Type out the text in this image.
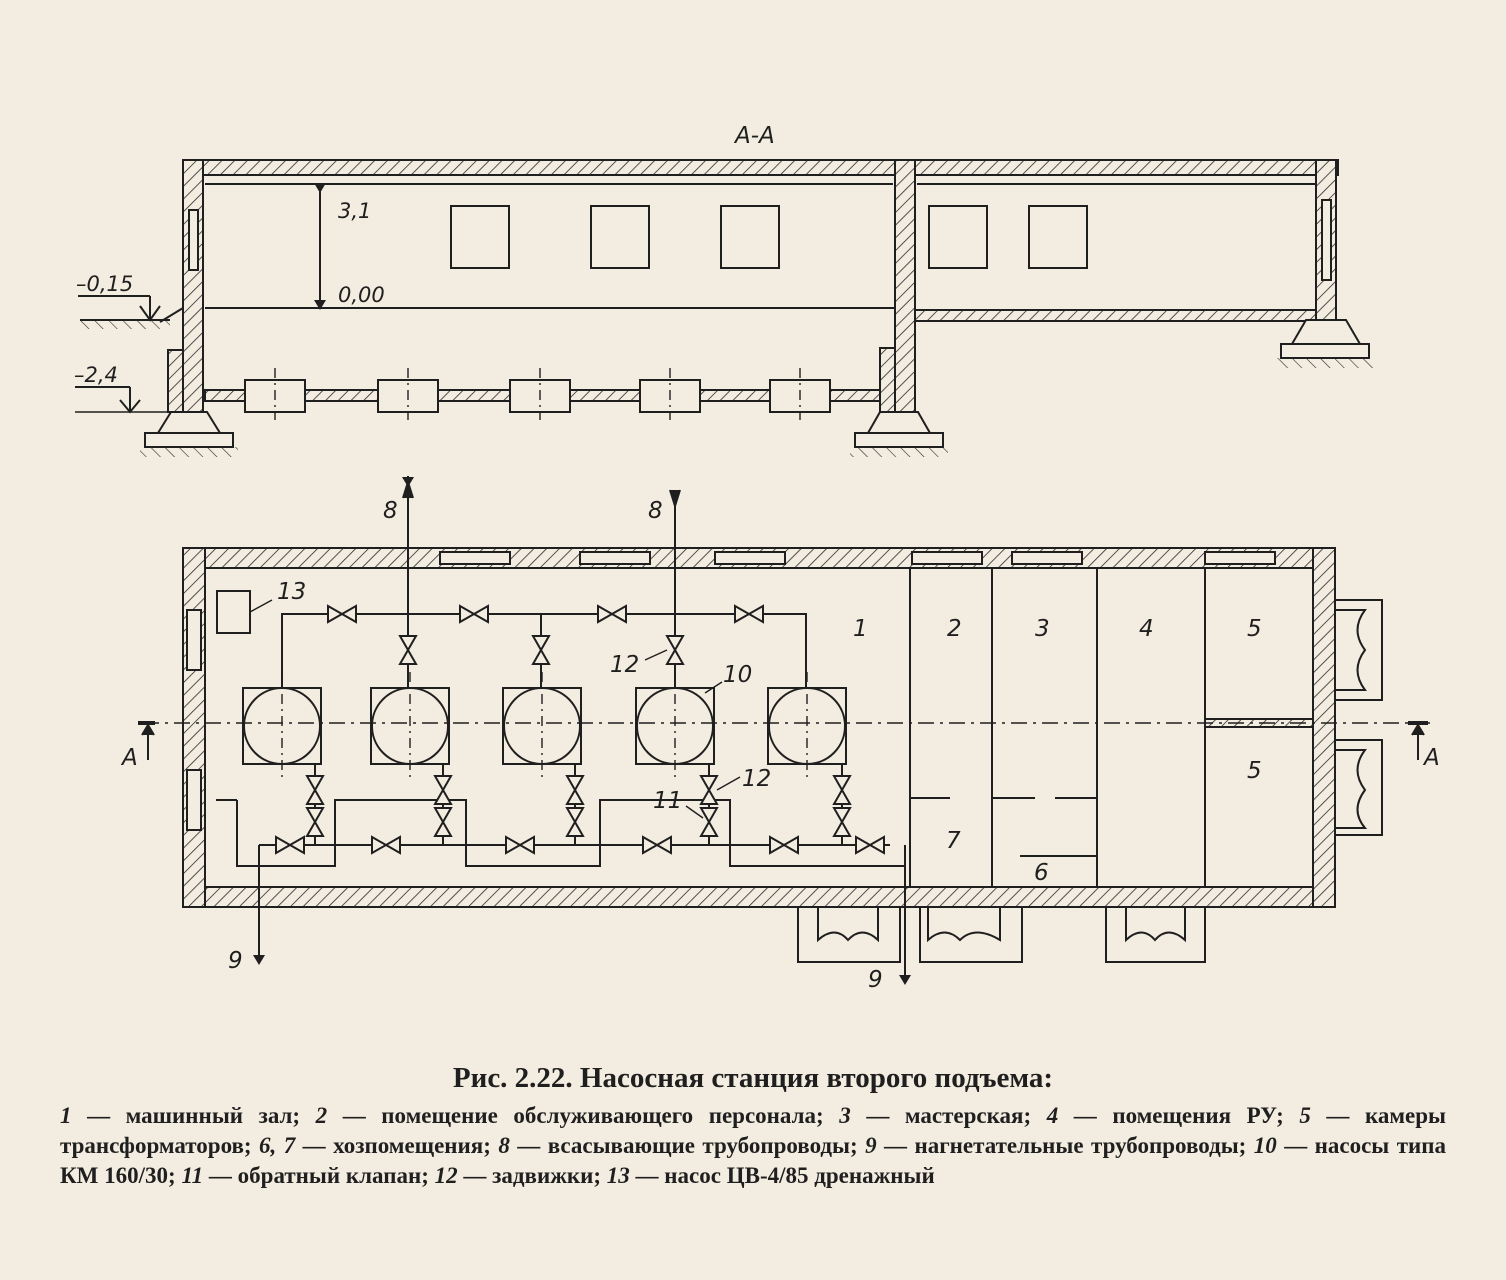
А-А
3,1
0,00
–0,15
–2,4
А	А
13
12	10
12
11
8	8
9
9
1	2	3	4	5
5
6
7
Рис. 2.22. Насосная станция второго подъема:
1 — машинный зал; 2 — помещение обслуживающего персонала; 3 — мастерская; 4 — помещения РУ; 5 — камеры трансформаторов; 6, 7 — хозпомещения; 8 — всасывающие трубопроводы; 9 — нагнетательные трубопроводы; 10 — насосы типа КМ 160/30; 11 — обратный клапан; 12 — задвижки; 13 — насос ЦВ-4/85 дренажный
